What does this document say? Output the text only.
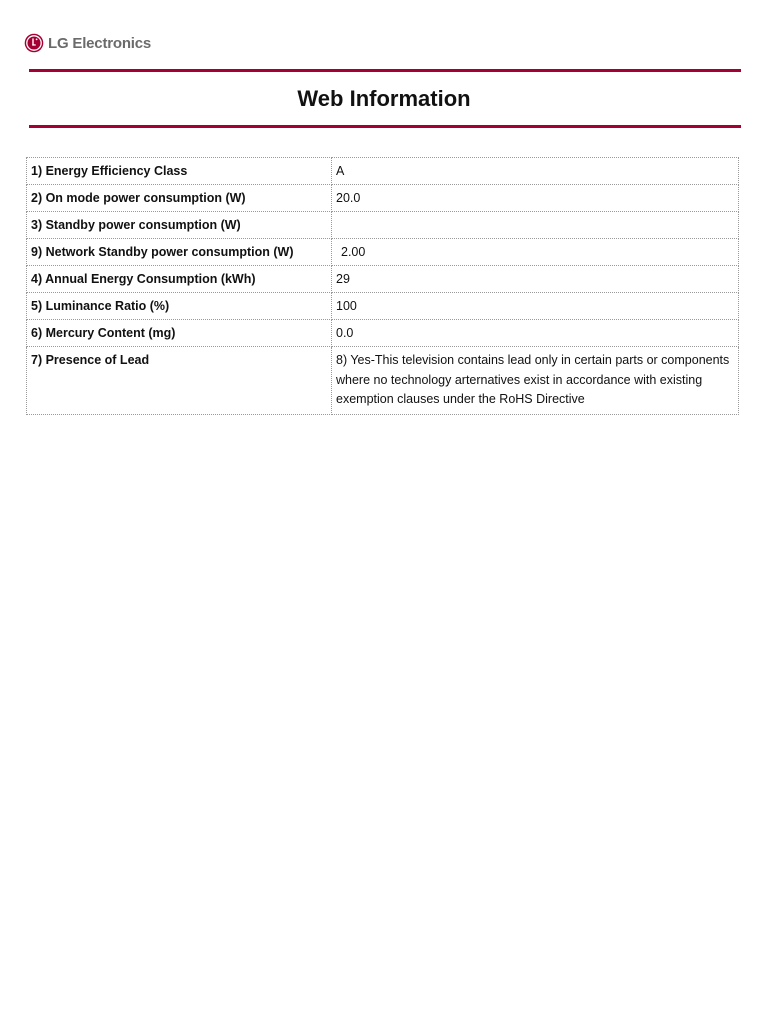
LG Electronics
Web Information
1) Energy Efficiency Class	A
2) On mode power consumption (W)	20.0
3) Standby power consumption (W)	
9) Network Standby power consumption (W)	2.00
4) Annual Energy Consumption (kWh)	29
5) Luminance Ratio (%)	100
6) Mercury Content (mg)	0.0
7) Presence of Lead	8) Yes-This television contains lead only in certain parts or components where no technology arternatives exist in accordance with existing exemption clauses under the RoHS Directive
